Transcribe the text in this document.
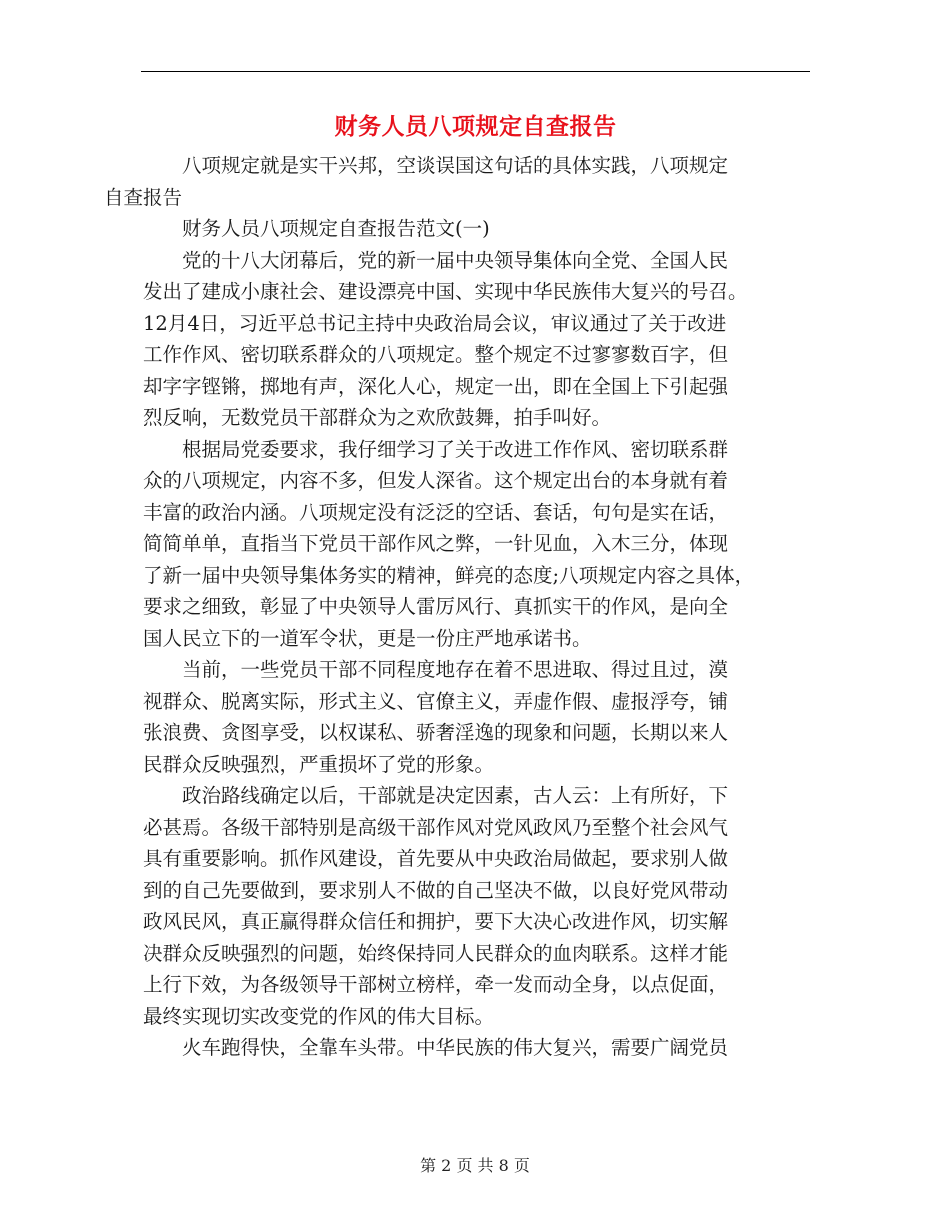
财务人员八项规定自查报告

八项规定就是实干兴邦，空谈误国这句话的具体实践，八项规定
自查报告

财务人员八项规定自查报告范文(一)

党的十八大闭幕后，党的新一届中央领导集体向全党、全国人民
发出了建成小康社会、建设漂亮中国、实现中华民族伟大复兴的号召。
12月4日，习近平总书记主持中央政治局会议，审议通过了关于改进
工作作风、密切联系群众的八项规定。整个规定不过寥寥数百字，但
却字字铿锵，掷地有声，深化人心，规定一出，即在全国上下引起强
烈反响，无数党员干部群众为之欢欣鼓舞，拍手叫好。

根据局党委要求，我仔细学习了关于改进工作作风、密切联系群
众的八项规定，内容不多，但发人深省。这个规定出台的本身就有着
丰富的政治内涵。八项规定没有泛泛的空话、套话，句句是实在话，
简简单单，直指当下党员干部作风之弊，一针见血，入木三分，体现
了新一届中央领导集体务实的精神，鲜亮的态度;八项规定内容之具体，
要求之细致，彰显了中央领导人雷厉风行、真抓实干的作风，是向全
国人民立下的一道军令状，更是一份庄严地承诺书。

当前，一些党员干部不同程度地存在着不思进取、得过且过，漠
视群众、脱离实际，形式主义、官僚主义，弄虚作假、虚报浮夸，铺
张浪费、贪图享受，以权谋私、骄奢淫逸的现象和问题，长期以来人
民群众反映强烈，严重损坏了党的形象。

政治路线确定以后，干部就是决定因素，古人云：上有所好，下
必甚焉。各级干部特别是高级干部作风对党风政风乃至整个社会风气
具有重要影响。抓作风建设，首先要从中央政治局做起，要求别人做
到的自己先要做到，要求别人不做的自己坚决不做，以良好党风带动
政风民风，真正赢得群众信任和拥护，要下大决心改进作风，切实解
决群众反映强烈的问题，始终保持同人民群众的血肉联系。这样才能
上行下效，为各级领导干部树立榜样，牵一发而动全身，以点促面，
最终实现切实改变党的作风的伟大目标。

火车跑得快，全靠车头带。中华民族的伟大复兴，需要广阔党员

第 2 页 共 8 页
